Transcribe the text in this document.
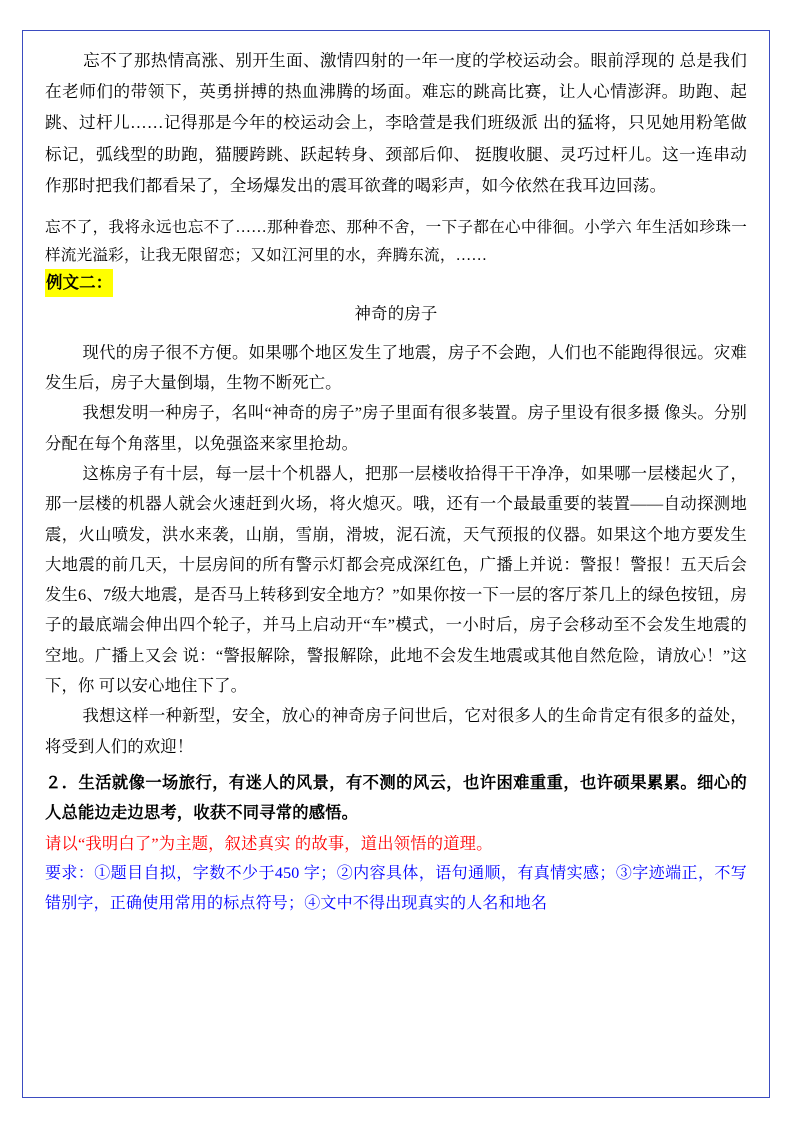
忘不了那热情高涨、别开生面、激情四射的一年一度的学校运动会。眼前浮现的 总是我们在老师们的带领下，英勇拼搏的热血沸腾的场面。难忘的跳高比赛，让人心情澎湃。助跑、起跳、过杆儿……记得那是今年的校运动会上，李晗萱是我们班级派 出的猛将，只见她用粉笔做标记，弧线型的助跑，猫腰跨跳、跃起转身、颈部后仰、 挺腹收腿、灵巧过杆儿。这一连串动作那时把我们都看呆了，全场爆发出的震耳欲聋的喝彩声，如今依然在我耳边回荡。

忘不了，我将永远也忘不了……那种眷恋、那种不舍，一下子都在心中徘徊。小学六 年生活如珍珠一样流光溢彩，让我无限留恋；又如江河里的水，奔腾东流，……

例文二：

神奇的房子

现代的房子很不方便。如果哪个地区发生了地震，房子不会跑，人们也不能跑得很远。灾难发生后，房子大量倒塌，生物不断死亡。

我想发明一种房子，名叫“神奇的房子”房子里面有很多装置。房子里设有很多摄 像头。分别分配在每个角落里，以免强盗来家里抢劫。

这栋房子有十层，每一层十个机器人，把那一层楼收拾得干干净净，如果哪一层楼起火了，那一层楼的机器人就会火速赶到火场，将火熄灭。哦，还有一个最最重要的装置——自动探测地震，火山喷发，洪水来袭，山崩，雪崩，滑坡，泥石流，天气预报的仪器。如果这个地方要发生大地震的前几天，十层房间的所有警示灯都会亮成深红色，广播上并说：警报！警报！五天后会发生6、7级大地震，是否马上转移到安全地方？”如果你按一下一层的客厅茶几上的绿色按钮，房子的最底端会伸出四个轮子，并马上启动开“车”模式，一小时后，房子会移动至不会发生地震的空地。广播上又会 说：“警报解除，警报解除，此地不会发生地震或其他自然危险，请放心！”这下，你 可以安心地住下了。

我想这样一种新型，安全，放心的神奇房子问世后，它对很多人的生命肯定有很多的益处，将受到人们的欢迎！

２．生活就像一场旅行，有迷人的风景，有不测的风云，也许困难重重，也许硕果累累。细心的人总能边走边思考，收获不同寻常的感悟。

请以“我明白了”为主题，叙述真实 的故事，道出领悟的道理。

要求：①题目自拟，字数不少于450 字；②内容具体，语句通顺，有真情实感；③字迹端正，不写错别字，正确使用常用的标点符号；④文中不得出现真实的人名和地名
